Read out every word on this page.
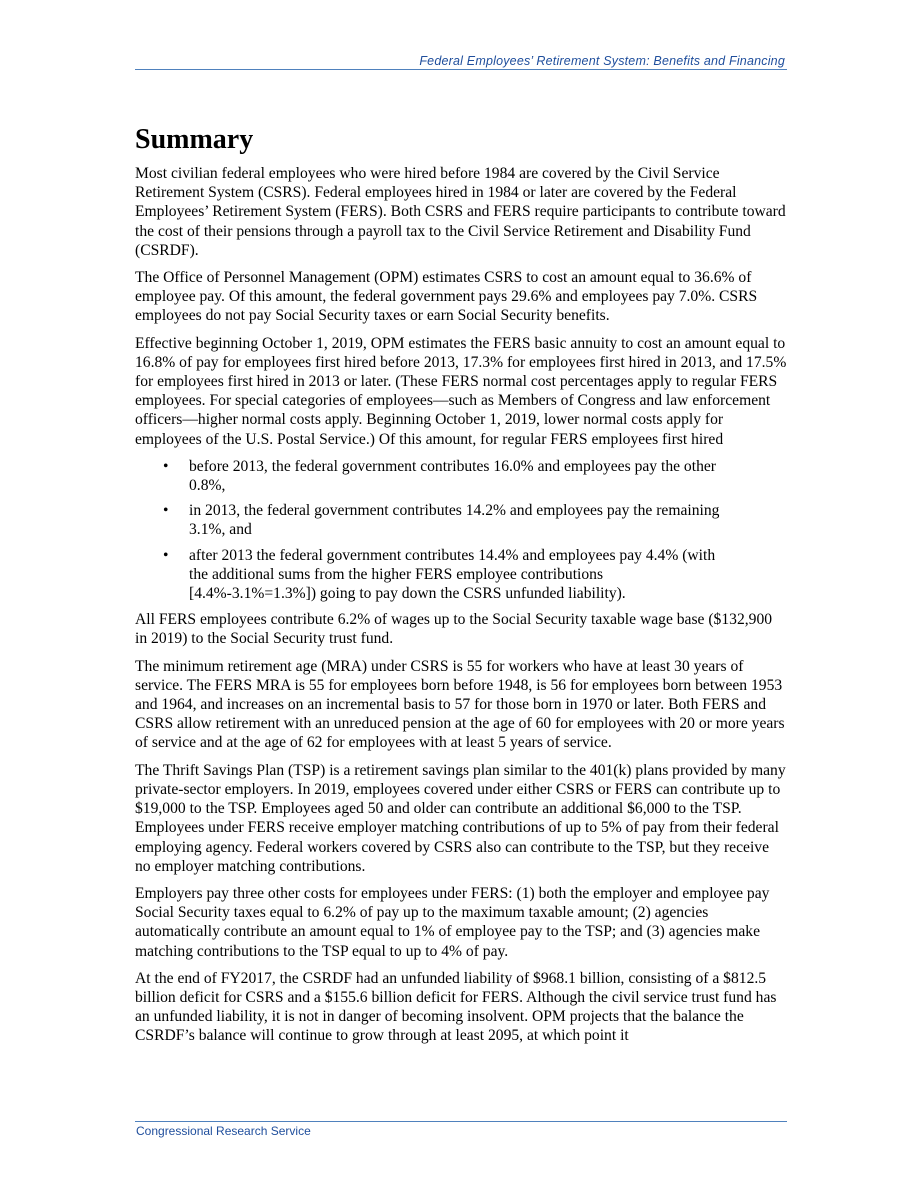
Federal Employees’ Retirement System: Benefits and Financing
Summary

Most civilian federal employees who were hired before 1984 are covered by the Civil Service Retirement System (CSRS). Federal employees hired in 1984 or later are covered by the Federal Employees’ Retirement System (FERS). Both CSRS and FERS require participants to contribute toward the cost of their pensions through a payroll tax to the Civil Service Retirement and Disability Fund (CSRDF).

The Office of Personnel Management (OPM) estimates CSRS to cost an amount equal to 36.6% of employee pay. Of this amount, the federal government pays 29.6% and employees pay 7.0%. CSRS employees do not pay Social Security taxes or earn Social Security benefits.

Effective beginning October 1, 2019, OPM estimates the FERS basic annuity to cost an amount equal to 16.8% of pay for employees first hired before 2013, 17.3% for employees first hired in 2013, and 17.5% for employees first hired in 2013 or later. (These FERS normal cost percentages apply to regular FERS employees. For special categories of employees—such as Members of Congress and law enforcement officers—higher normal costs apply. Beginning October 1, 2019, lower normal costs apply for employees of the U.S. Postal Service.) Of this amount, for regular FERS employees first hired

• before 2013, the federal government contributes 16.0% and employees pay the other 0.8%,
• in 2013, the federal government contributes 14.2% and employees pay the remaining 3.1%, and
• after 2013 the federal government contributes 14.4% and employees pay 4.4% (with the additional sums from the higher FERS employee contributions [4.4%-3.1%=1.3%]) going to pay down the CSRS unfunded liability).

All FERS employees contribute 6.2% of wages up to the Social Security taxable wage base ($132,900 in 2019) to the Social Security trust fund.

The minimum retirement age (MRA) under CSRS is 55 for workers who have at least 30 years of service. The FERS MRA is 55 for employees born before 1948, is 56 for employees born between 1953 and 1964, and increases on an incremental basis to 57 for those born in 1970 or later. Both FERS and CSRS allow retirement with an unreduced pension at the age of 60 for employees with 20 or more years of service and at the age of 62 for employees with at least 5 years of service.

The Thrift Savings Plan (TSP) is a retirement savings plan similar to the 401(k) plans provided by many private-sector employers. In 2019, employees covered under either CSRS or FERS can contribute up to $19,000 to the TSP. Employees aged 50 and older can contribute an additional $6,000 to the TSP. Employees under FERS receive employer matching contributions of up to 5% of pay from their federal employing agency. Federal workers covered by CSRS also can contribute to the TSP, but they receive no employer matching contributions.

Employers pay three other costs for employees under FERS: (1) both the employer and employee pay Social Security taxes equal to 6.2% of pay up to the maximum taxable amount; (2) agencies automatically contribute an amount equal to 1% of employee pay to the TSP; and (3) agencies make matching contributions to the TSP equal to up to 4% of pay.

At the end of FY2017, the CSRDF had an unfunded liability of $968.1 billion, consisting of a $812.5 billion deficit for CSRS and a $155.6 billion deficit for FERS. Although the civil service trust fund has an unfunded liability, it is not in danger of becoming insolvent. OPM projects that the balance the CSRDF’s balance will continue to grow through at least 2095, at which point it

Congressional Research Service
